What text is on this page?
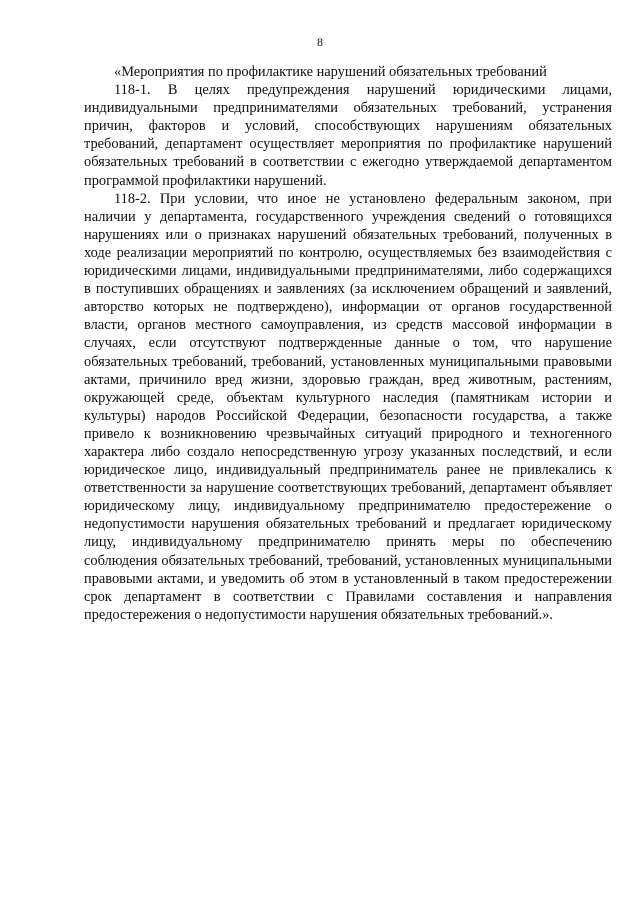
8

«Мероприятия по профилактике нарушений обязательных требований

118-1. В целях предупреждения нарушений юридическими лицами, индивидуальными предпринимателями обязательных требований, устранения причин, факторов и условий, способствующих нарушениям обязательных требований, департамент осуществляет мероприятия по профилактике нарушений обязательных требований в соответствии с ежегодно утверждаемой департаментом программой профилактики нарушений.

118-2. При условии, что иное не установлено федеральным законом, при наличии у департамента, государственного учреждения сведений о готовящихся нарушениях или о признаках нарушений обязательных требований, полученных в ходе реализации мероприятий по контролю, осуществляемых без взаимодействия с юридическими лицами, индивидуальными предпринимателями, либо содержащихся в поступивших обращениях и заявлениях (за исключением обращений и заявлений, авторство которых не подтверждено), информации от органов государственной власти, органов местного самоуправления, из средств массовой информации в случаях, если отсутствуют подтвержденные данные о том, что нарушение обязательных требований, требований, установленных муниципальными правовыми актами, причинило вред жизни, здоровью граждан, вред животным, растениям, окружающей среде, объектам культурного наследия (памятникам истории и культуры) народов Российской Федерации, безопасности государства, а также привело к возникновению чрезвычайных ситуаций природного и техногенного характера либо создало непосредственную угрозу указанных последствий, и если юридическое лицо, индивидуальный предприниматель ранее не привлекались к ответственности за нарушение соответствующих требований, департамент объявляет юридическому лицу, индивидуальному предпринимателю предостережение о недопустимости нарушения обязательных требований и предлагает юридическому лицу, индивидуальному предпринимателю принять меры по обеспечению соблюдения обязательных требований, требований, установленных муниципальными правовыми актами, и уведомить об этом в установленный в таком предостережении срок департамент в соответствии с Правилами составления и направления предостережения о недопустимости нарушения обязательных требований.».
